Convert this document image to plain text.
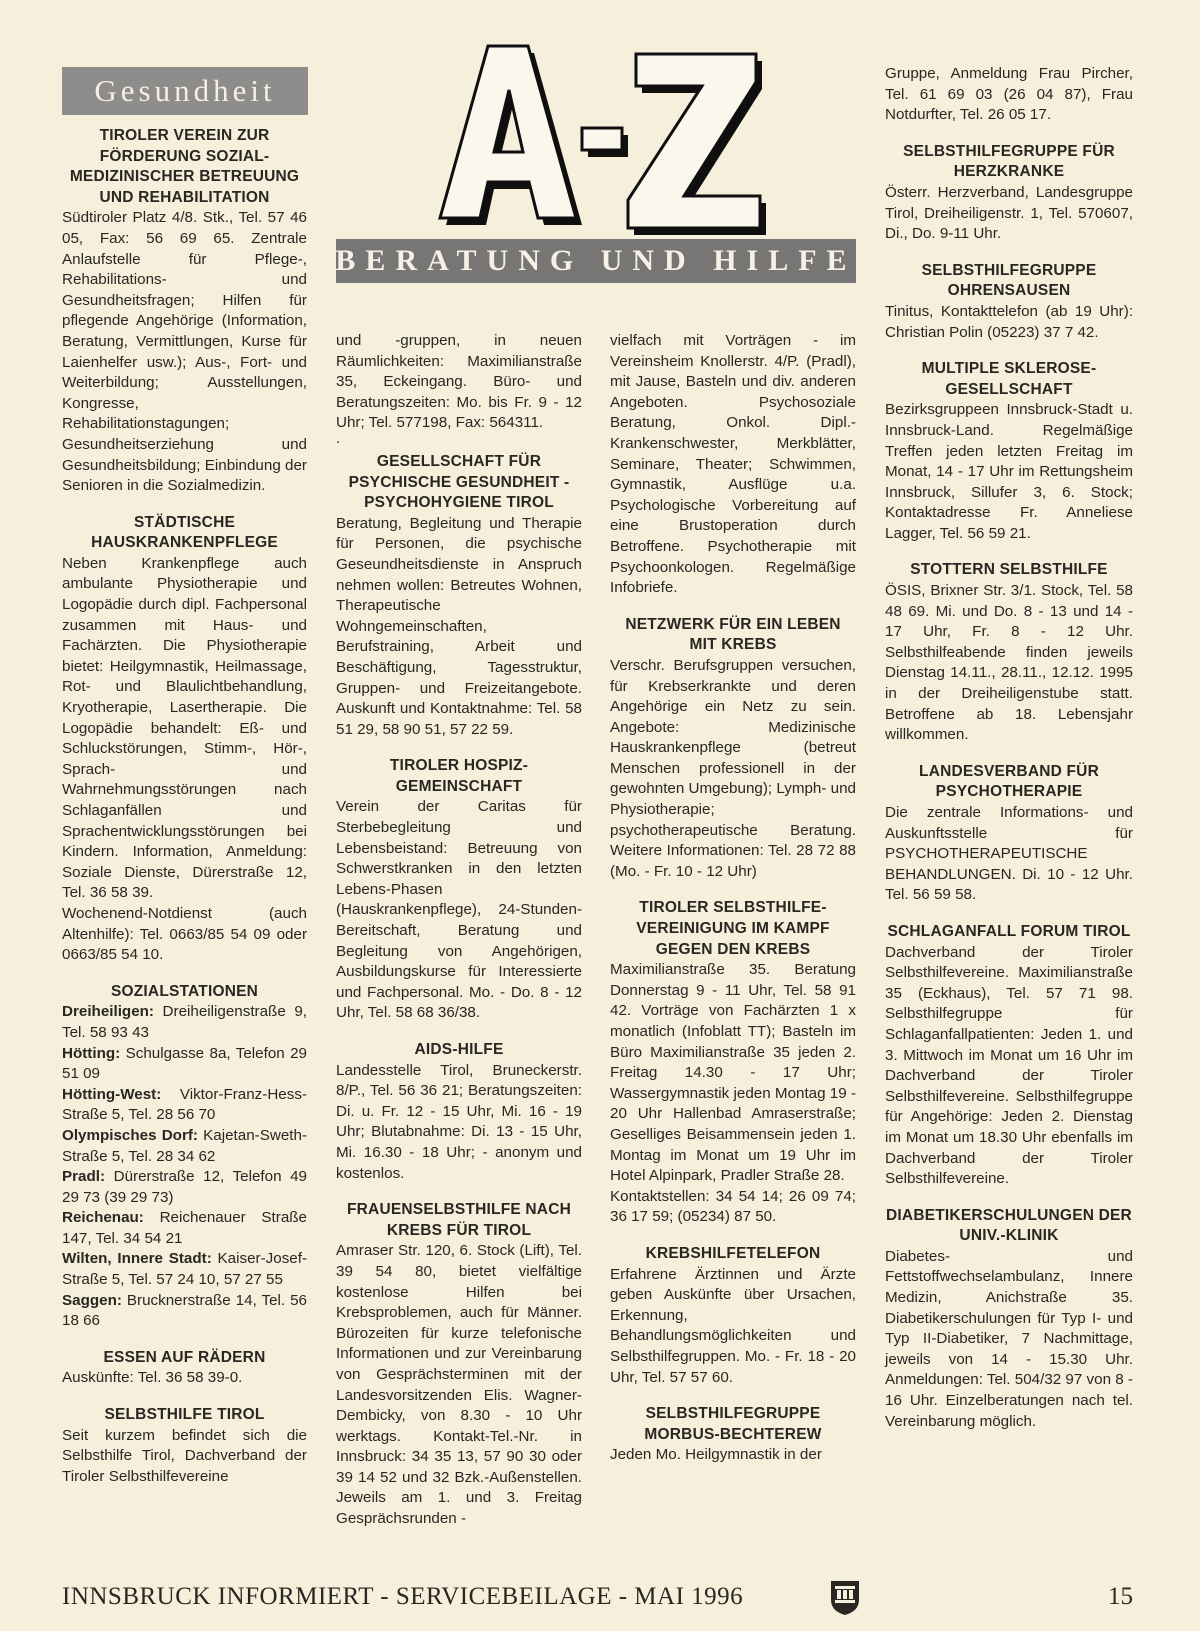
Gesundheit
A-Z
BERATUNG UND HILFE
TIROLER VEREIN ZUR FÖRDERUNG SOZIAL-MEDIZINISCHER BETREUUNG UND REHABILITATION

Südtiroler Platz 4/8. Stk., Tel. 57 46 05, Fax: 56 69 65. Zentrale Anlaufstelle für Pflege-, Rehabilitations- und Gesundheitsfragen; Hilfen für pflegende Angehörige (Information, Beratung, Vermittlungen, Kurse für Laienhelfer usw.); Aus-, Fort- und Weiterbildung; Ausstellungen, Kongresse, Rehabilitationstagungen; Gesundheitserziehung und Gesundheitsbildung; Einbindung der Senioren in die Sozialmedizin.

STÄDTISCHE HAUSKRANKENPFLEGE

Neben Krankenpflege auch ambulante Physiotherapie und Logopädie durch dipl. Fachpersonal zusammen mit Haus- und Fachärzten. Die Physiotherapie bietet: Heilgymnastik, Heilmassage, Rot- und Blaulichtbehandlung, Kryotherapie, Lasertherapie. Die Logopädie behandelt: Eß- und Schluckstörungen, Stimm-, Hör-, Sprach- und Wahrnehmungsstörungen nach Schlaganfällen und Sprachentwicklungsstörungen bei Kindern. Information, Anmeldung: Soziale Dienste, Dürerstraße 12, Tel. 36 58 39.

Wochenend-Notdienst (auch Altenhilfe): Tel. 0663/85 54 09 oder 0663/85 54 10.

SOZIALSTATIONEN

Dreiheiligen: Dreiheiligenstraße 9, Tel. 58 93 43

Hötting: Schulgasse 8a, Telefon 29 51 09

Hötting-West: Viktor-Franz-Hess-Straße 5, Tel. 28 56 70

Olympisches Dorf: Kajetan-Sweth-Straße 5, Tel. 28 34 62

Pradl: Dürerstraße 12, Telefon 49 29 73 (39 29 73)

Reichenau: Reichenauer Straße 147, Tel. 34 54 21

Wilten, Innere Stadt: Kaiser-Josef-Straße 5, Tel. 57 24 10, 57 27 55

Saggen: Brucknerstraße 14, Tel. 56 18 66

ESSEN AUF RÄDERN

Auskünfte: Tel. 36 58 39-0.

SELBSTHILFE TIROL

Seit kurzem befindet sich die Selbsthilfe Tirol, Dachverband der Tiroler Selbsthilfevereine

und -gruppen, in neuen Räumlichkeiten: Maximilianstraße 35, Eckeingang. Büro- und Beratungszeiten: Mo. bis Fr. 9 - 12 Uhr; Tel. 577198, Fax: 564311.

.

GESELLSCHAFT FÜR PSYCHISCHE GESUNDHEIT - PSYCHOHYGIENE TIROL

Beratung, Begleitung und Therapie für Personen, die psychische Geseundheitsdienste in Anspruch nehmen wollen: Betreutes Wohnen, Therapeutische Wohngemeinschaften, Berufstraining, Arbeit und Beschäftigung, Tagesstruktur, Gruppen- und Freizeitangebote. Auskunft und Kontaktnahme: Tel. 58 51 29, 58 90 51, 57 22 59.

TIROLER HOSPIZ-GEMEINSCHAFT

Verein der Caritas für Sterbebegleitung und Lebensbeistand: Betreuung von Schwerstkranken in den letzten Lebens-Phasen (Hauskrankenpflege), 24-Stunden-Bereitschaft, Beratung und Begleitung von Angehörigen, Ausbildungskurse für Interessierte und Fachpersonal. Mo. - Do. 8 - 12 Uhr, Tel. 58 68 36/38.

AIDS-HILFE

Landesstelle Tirol, Bruneckerstr. 8/P., Tel. 56 36 21; Beratungszeiten: Di. u. Fr. 12 - 15 Uhr, Mi. 16 - 19 Uhr; Blutabnahme: Di. 13 - 15 Uhr, Mi. 16.30 - 18 Uhr; - anonym und kostenlos.

FRAUENSELBSTHILFE NACH KREBS FÜR TIROL

Amraser Str. 120, 6. Stock (Lift), Tel. 39 54 80, bietet vielfältige kostenlose Hilfen bei Krebsproblemen, auch für Männer. Bürozeiten für kurze telefonische Informationen und zur Vereinbarung von Gesprächsterminen mit der Landesvorsitzenden Elis. Wagner-Dembicky, von 8.30 - 10 Uhr werktags. Kontakt-Tel.-Nr. in Innsbruck: 34 35 13, 57 90 30 oder 39 14 52 und 32 Bzk.-Außenstellen. Jeweils am 1. und 3. Freitag Gesprächsrunden -

vielfach mit Vorträgen - im Vereinsheim Knollerstr. 4/P. (Pradl), mit Jause, Basteln und div. anderen Angeboten. Psychosoziale Beratung, Onkol. Dipl.-Krankenschwester, Merkblätter, Seminare, Theater; Schwimmen, Gymnastik, Ausflüge u.a. Psychologische Vorbereitung auf eine Brustoperation durch Betroffene. Psychotherapie mit Psychoonkologen. Regelmäßige Infobriefe.

NETZWERK FÜR EIN LEBEN MIT KREBS

Verschr. Berufsgruppen versuchen, für Krebserkrankte und deren Angehörige ein Netz zu sein. Angebote: Medizinische Hauskrankenpflege (betreut Menschen professionell in der gewohnten Umgebung); Lymph- und Physiotherapie; psychotherapeutische Beratung. Weitere Informationen: Tel. 28 72 88 (Mo. - Fr. 10 - 12 Uhr)

TIROLER SELBSTHILFE-VEREINIGUNG IM KAMPF GEGEN DEN KREBS

Maximilianstraße 35. Beratung Donnerstag 9 - 11 Uhr, Tel. 58 91 42. Vorträge von Fachärzten 1 x monatlich (Infoblatt TT); Basteln im Büro Maximilianstraße 35 jeden 2. Freitag 14.30 - 17 Uhr; Wassergymnastik jeden Montag 19 - 20 Uhr Hallenbad Amraserstraße; Geselliges Beisammensein jeden 1. Montag im Monat um 19 Uhr im Hotel Alpinpark, Pradler Straße 28.

Kontaktstellen: 34 54 14; 26 09 74; 36 17 59; (05234) 87 50.

KREBSHILFETELEFON

Erfahrene Ärztinnen und Ärzte geben Auskünfte über Ursachen, Erkennung, Behandlungsmöglichkeiten und Selbsthilfegruppen. Mo. - Fr. 18 - 20 Uhr, Tel. 57 57 60.

SELBSTHILFEGRUPPE MORBUS-BECHTEREW

Jeden Mo. Heilgymnastik in der

Gruppe, Anmeldung Frau Pircher, Tel. 61 69 03 (26 04 87), Frau Notdurfter, Tel. 26 05 17.

SELBSTHILFEGRUPPE FÜR HERZKRANKE

Österr. Herzverband, Landesgruppe Tirol, Dreiheiligenstr. 1, Tel. 570607, Di., Do. 9-11 Uhr.

SELBSTHILFEGRUPPE OHRENSAUSEN

Tinitus, Kontakttelefon (ab 19 Uhr): Christian Polin (05223) 37 7 42.

MULTIPLE SKLEROSE-GESELLSCHAFT

Bezirksgruppeen Innsbruck-Stadt u. Innsbruck-Land. Regelmäßige Treffen jeden letzten Freitag im Monat, 14 - 17 Uhr im Rettungsheim Innsbruck, Sillufer 3, 6. Stock; Kontaktadresse Fr. Anneliese Lagger, Tel. 56 59 21.

STOTTERN SELBSTHILFE

ÖSIS, Brixner Str. 3/1. Stock, Tel. 58 48 69. Mi. und Do. 8 - 13 und 14 - 17 Uhr, Fr. 8 - 12 Uhr. Selbsthilfeabende finden jeweils Dienstag 14.11., 28.11., 12.12. 1995 in der Dreiheiligenstube statt. Betroffene ab 18. Lebensjahr willkommen.

LANDESVERBAND FÜR PSYCHOTHERAPIE

Die zentrale Informations- und Auskunftsstelle für PSYCHOTHERAPEUTISCHE BEHANDLUNGEN. Di. 10 - 12 Uhr. Tel. 56 59 58.

SCHLAGANFALL FORUM TIROL

Dachverband der Tiroler Selbsthilfevereine. Maximilianstraße 35 (Eckhaus), Tel. 57 71 98. Selbsthilfegruppe für Schlaganfallpatienten: Jeden 1. und 3. Mittwoch im Monat um 16 Uhr im Dachverband der Tiroler Selbsthilfevereine. Selbsthilfegruppe für Angehörige: Jeden 2. Dienstag im Monat um 18.30 Uhr ebenfalls im Dachverband der Tiroler Selbsthilfevereine.

DIABETIKERSCHULUNGEN DER UNIV.-KLINIK

Diabetes- und Fettstoffwechselambulanz, Innere Medizin, Anichstraße 35. Diabetikerschulungen für Typ I- und Typ II-Diabetiker, 7 Nachmittage, jeweils von 14 - 15.30 Uhr. Anmeldungen: Tel. 504/32 97 von 8 - 16 Uhr. Einzelberatungen nach tel. Vereinbarung möglich.

INNSBRUCK INFORMIERT - SERVICEBEILAGE - MAI 1996	15
